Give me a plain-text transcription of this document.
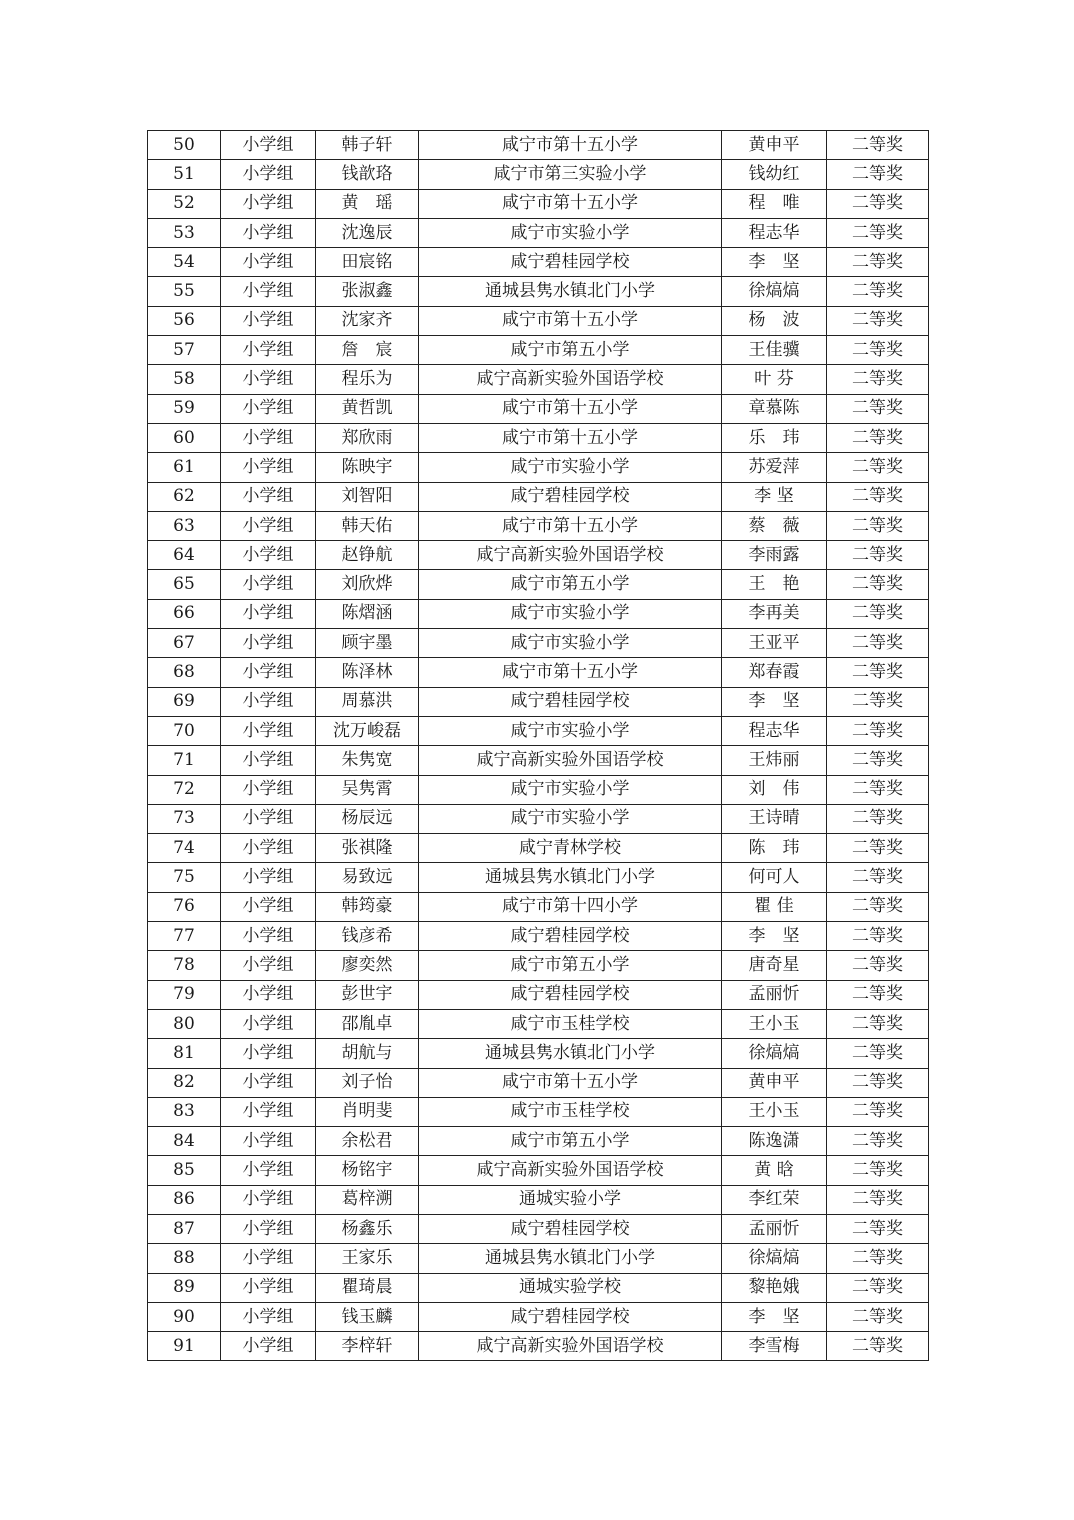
50	小学组	韩子轩	咸宁市第十五小学	黄申平	二等奖
51	小学组	钱歆珞	咸宁市第三实验小学	钱幼红	二等奖
52	小学组	黄　瑶	咸宁市第十五小学	程　唯	二等奖
53	小学组	沈逸辰	咸宁市实验小学	程志华	二等奖
54	小学组	田宸铭	咸宁碧桂园学校	李　坚	二等奖
55	小学组	张淑鑫	通城县隽水镇北门小学	徐熇熇	二等奖
56	小学组	沈家齐	咸宁市第十五小学	杨　波	二等奖
57	小学组	詹　宸	咸宁市第五小学	王佳骥	二等奖
58	小学组	程乐为	咸宁高新实验外国语学校	叶 芬	二等奖
59	小学组	黄哲凯	咸宁市第十五小学	章慕陈	二等奖
60	小学组	郑欣雨	咸宁市第十五小学	乐　玮	二等奖
61	小学组	陈映宇	咸宁市实验小学	苏爱萍	二等奖
62	小学组	刘智阳	咸宁碧桂园学校	李 坚	二等奖
63	小学组	韩天佑	咸宁市第十五小学	蔡　薇	二等奖
64	小学组	赵铮航	咸宁高新实验外国语学校	李雨露	二等奖
65	小学组	刘欣烨	咸宁市第五小学	王　艳	二等奖
66	小学组	陈熠涵	咸宁市实验小学	李再美	二等奖
67	小学组	顾宇墨	咸宁市实验小学	王亚平	二等奖
68	小学组	陈泽林	咸宁市第十五小学	郑春霞	二等奖
69	小学组	周慕洪	咸宁碧桂园学校	李　坚	二等奖
70	小学组	沈万峻磊	咸宁市实验小学	程志华	二等奖
71	小学组	朱隽宽	咸宁高新实验外国语学校	王炜丽	二等奖
72	小学组	吴隽霄	咸宁市实验小学	刘　伟	二等奖
73	小学组	杨辰远	咸宁市实验小学	王诗晴	二等奖
74	小学组	张祺隆	咸宁青林学校	陈　玮	二等奖
75	小学组	易致远	通城县隽水镇北门小学	何可人	二等奖
76	小学组	韩筠豪	咸宁市第十四小学	瞿 佳	二等奖
77	小学组	钱彦希	咸宁碧桂园学校	李　坚	二等奖
78	小学组	廖奕然	咸宁市第五小学	唐奇星	二等奖
79	小学组	彭世宇	咸宁碧桂园学校	孟丽忻	二等奖
80	小学组	邵胤卓	咸宁市玉桂学校	王小玉	二等奖
81	小学组	胡航与	通城县隽水镇北门小学	徐熇熇	二等奖
82	小学组	刘子怡	咸宁市第十五小学	黄申平	二等奖
83	小学组	肖明斐	咸宁市玉桂学校	王小玉	二等奖
84	小学组	余松君	咸宁市第五小学	陈逸潇	二等奖
85	小学组	杨铭宇	咸宁高新实验外国语学校	黄 晗	二等奖
86	小学组	葛梓溯	通城实验小学	李红荣	二等奖
87	小学组	杨鑫乐	咸宁碧桂园学校	孟丽忻	二等奖
88	小学组	王家乐	通城县隽水镇北门小学	徐熇熇	二等奖
89	小学组	瞿琦晨	通城实验学校	黎艳娥	二等奖
90	小学组	钱玉麟	咸宁碧桂园学校	李　坚	二等奖
91	小学组	李梓轩	咸宁高新实验外国语学校	李雪梅	二等奖
